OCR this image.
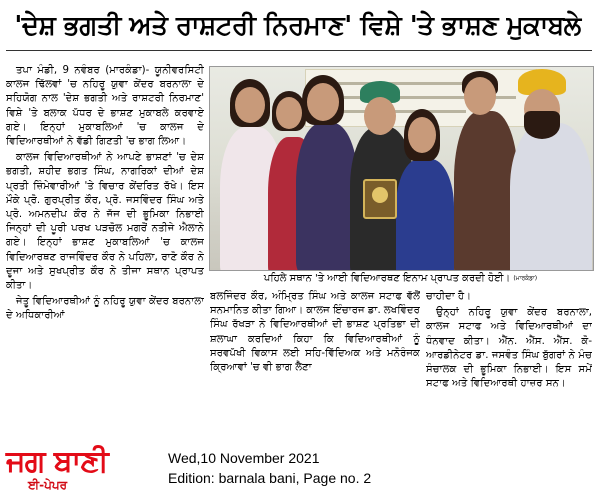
'ਦੇਸ਼ ਭਗਤੀ ਅਤੇ ਰਾਸ਼ਟਰੀ ਨਿਰਮਾਣ' ਵਿਸ਼ੇ 'ਤੇ ਭਾਸ਼ਣ ਮੁਕਾਬਲੇ

ਤਪਾ ਮੰਡੀ, 9 ਨਵੰਬਰ (ਮਾਰਕੰਡਾ)- ਯੂਨੀਵਰਸਿਟੀ ਕਾਲਜ ਢਿੱਲਵਾਂ 'ਚ ਨਹਿਰੂ ਯੁਵਾ ਕੇਂਦਰ ਬਰਨਾਲਾ ਦੇ ਸਹਿਯੋਗ ਨਾਲ 'ਦੇਸ਼ ਭਗਤੀ ਅਤੇ ਰਾਸ਼ਟਰੀ ਨਿਰਮਾਣ' ਵਿਸ਼ੇ 'ਤੇ ਬਲਾਕ ਪੱਧਰ ਦੇ ਭਾਸ਼ਣ ਮੁਕਾਬਲੇ ਕਰਵਾਏ ਗਏ। ਇਨ੍ਹਾਂ ਮੁਕਾਬਲਿਆਂ 'ਚ ਕਾਲਜ ਦੇ ਵਿਦਿਆਰਥੀਆਂ ਨੇ ਵੱਡੀ ਗਿਣਤੀ 'ਚ ਭਾਗ ਲਿਆ।

ਕਾਲਜ ਵਿਦਿਆਰਥੀਆਂ ਨੇ ਆਪਣੇ ਭਾਸ਼ਣਾਂ 'ਚ ਦੇਸ਼ ਭਗਤੀ, ਸ਼ਹੀਦ ਭਗਤ ਸਿੰਘ, ਨਾਗਰਿਕਾਂ ਦੀਆਂ ਦੇਸ਼ ਪ੍ਰਤੀ ਜ਼ਿੰਮੇਵਾਰੀਆਂ 'ਤੇ ਵਿਚਾਰ ਕੇਂਦਰਿਤ ਰੱਖੇ। ਇਸ ਮੌਕੇ ਪ੍ਰੋ. ਗੁਰਪ੍ਰੀਤ ਕੌਰ, ਪ੍ਰੋ. ਜਸਵਿੰਦਰ ਸਿੰਘ ਅਤੇ ਪ੍ਰੋ. ਅਮਨਦੀਪ ਕੌਰ ਨੇ ਜੱਜ ਦੀ ਭੂਮਿਕਾ ਨਿਭਾਈ ਜਿਨ੍ਹਾਂ ਦੀ ਪੂਰੀ ਪਰਖ ਪੜਚੋਲ ਮਗਰੋਂ ਨਤੀਜੇ ਐਲਾਨੇ ਗਏ। ਇਨ੍ਹਾਂ ਭਾਸ਼ਣ ਮੁਕਾਬਲਿਆਂ 'ਚ ਕਾਲਜ ਵਿਦਿਆਰਥਣ ਰਾਜਵਿੰਦਰ ਕੌਰ ਨੇ ਪਹਿਲਾ, ਰਾਣੋ ਕੌਰ ਨੇ ਦੂਜਾ ਅਤੇ ਸੁਖਪ੍ਰੀਤ ਕੌਰ ਨੇ ਤੀਜਾ ਸਥਾਨ ਪ੍ਰਾਪਤ ਕੀਤਾ।

ਜੇਤੂ ਵਿਦਿਆਰਥੀਆਂ ਨੂੰ ਨਹਿਰੂ ਯੁਵਾ ਕੇਂਦਰ ਬਰਨਾਲਾ ਦੇ ਅਧਿਕਾਰੀਆਂ

ਪਹਿਲੇ ਸਥਾਨ 'ਤੇ ਆਈ ਵਿਦਿਆਰਥਣ ਇਨਾਮ ਪ੍ਰਾਪਤ ਕਰਦੀ ਹੋਈ। $^{(ਮਾਰਕੰਡਾ)}$

ਬਲਜਿੰਦਰ ਕੌਰ, ਅੰਮ੍ਰਿਤ ਸਿੰਘ ਅਤੇ ਕਾਲਜ ਸਟਾਫ ਵੱਲੋਂ ਸਨਮਾਨਿਤ ਕੀਤਾ ਗਿਆ। ਕਾਲਜ ਇੰਚਾਰਜ ਡਾ. ਲਖਵਿੰਦਰ ਸਿੰਘ ਰੱਖੜਾ ਨੇ ਵਿਦਿਆਰਥੀਆਂ ਦੀ ਭਾਸ਼ਣ ਪ੍ਰਤਿਭਾ ਦੀ ਸ਼ਲਾਘਾ ਕਰਦਿਆਂ ਕਿਹਾ ਕਿ ਵਿਦਿਆਰਥੀਆਂ ਨੂੰ ਸਰਵਪੱਖੀ ਵਿਕਾਸ ਲਈ ਸਹਿ-ਵਿੱਦਿਅਕ ਅਤੇ ਮਨੋਰੰਜਕ ਕ੍ਰਿਆਵਾਂ 'ਚ ਵੀ ਭਾਗ ਲੈਣਾ

ਚਾਹੀਦਾ ਹੈ।

ਉਨ੍ਹਾਂ ਨਹਿਰੂ ਯੁਵਾ ਕੇਂਦਰ ਬਰਨਾਲਾ, ਕਾਲਜ ਸਟਾਫ ਅਤੇ ਵਿਦਿਆਰਥੀਆਂ ਦਾ ਧੰਨਵਾਦ ਕੀਤਾ। ਐੱਨ. ਐੱਸ. ਐੱਸ. ਕੋ-ਆਰਡੀਨੇਟਰ ਡਾ. ਜਸਵੰਤ ਸਿੰਘ ਬੁੱਗਰਾਂ ਨੇ ਮੰਚ ਸੰਚਾਲਕ ਦੀ ਭੂਮਿਕਾ ਨਿਭਾਈ। ਇਸ ਸਮੇਂ ਸਟਾਫ ਅਤੇ ਵਿਦਿਆਰਥੀ ਹਾਜ਼ਰ ਸਨ।

ਜਗ ਬਾਣੀ
ਈ-ਪੇਪਰ
Wed,10 November 2021
Edition: barnala bani, Page no. 2
